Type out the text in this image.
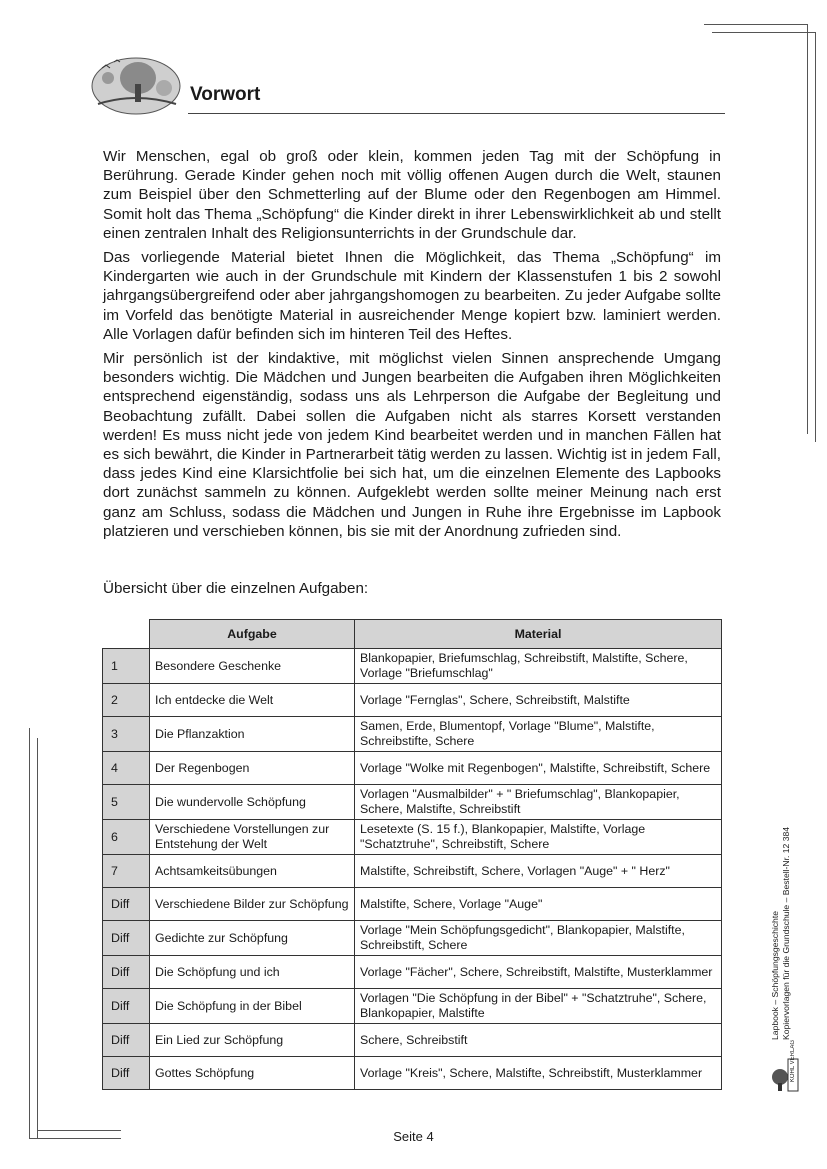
Vorwort

Wir Menschen, egal ob groß oder klein, kommen jeden Tag mit der Schöpfung in Berührung. Gerade Kinder gehen noch mit völlig offenen Augen durch die Welt, staunen zum Beispiel über den Schmetterling auf der Blume oder den Regenbogen am Himmel. Somit holt das Thema „Schöpfung“ die Kinder direkt in ihrer Lebenswirklichkeit ab und stellt einen zentralen Inhalt des Religionsunterrichts in der Grundschule dar.

Das vorliegende Material bietet Ihnen die Möglichkeit, das Thema „Schöpfung“ im Kindergarten wie auch in der Grundschule mit Kindern der Klassenstufen 1 bis 2 sowohl jahrgangsübergreifend oder aber jahrgangshomogen zu bearbeiten. Zu jeder Aufgabe sollte im Vorfeld das benötigte Material in ausreichender Menge kopiert bzw. laminiert werden. Alle Vorlagen dafür befinden sich im hinteren Teil des Heftes.

Mir persönlich ist der kindaktive, mit möglichst vielen Sinnen ansprechende Umgang besonders wichtig. Die Mädchen und Jungen bearbeiten die Aufgaben ihren Möglichkeiten entsprechend eigenständig, sodass uns als Lehrperson die Aufgabe der Begleitung und Beobachtung zufällt. Dabei sollen die Aufgaben nicht als starres Korsett verstanden werden! Es muss nicht jede von jedem Kind bearbeitet werden und in manchen Fällen hat es sich bewährt, die Kinder in Partnerarbeit tätig werden zu lassen. Wichtig ist in jedem Fall, dass jedes Kind eine Klarsichtfolie bei sich hat, um die einzelnen Elemente des Lapbooks dort zunächst sammeln zu können. Aufgeklebt werden sollte meiner Meinung nach erst ganz am Schluss, sodass die Mädchen und Jungen in Ruhe ihre Ergebnisse im Lapbook platzieren und verschieben können, bis sie mit der Anordnung zufrieden sind.

Übersicht über die einzelnen Aufgaben:
	Aufgabe	Material
1	Besondere Geschenke	Blankopapier, Briefumschlag, Schreibstift, Malstifte, Schere, Vorlage "Briefumschlag"
2	Ich entdecke die Welt	Vorlage "Fernglas", Schere, Schreibstift, Malstifte
3	Die Pflanzaktion	Samen, Erde, Blumentopf, Vorlage "Blume", Malstifte, Schreibstifte, Schere
4	Der Regenbogen	Vorlage "Wolke mit Regenbogen", Malstifte, Schreibstift, Schere
5	Die wundervolle Schöpfung	Vorlagen "Ausmalbilder" + " Briefumschlag", Blankopapier, Schere, Malstifte, Schreibstift
6	Verschiedene Vorstellungen zur Entstehung der Welt	Lesetexte (S. 15 f.), Blankopapier, Malstifte, Vorlage "Schatztruhe", Schreibstift, Schere
7	Achtsamkeitsübungen	Malstifte, Schreibstift, Schere, Vorlagen "Auge" + " Herz"
Diff	Verschiedene Bilder zur Schöpfung	Malstifte, Schere, Vorlage "Auge"
Diff	Gedichte zur Schöpfung	Vorlage "Mein Schöpfungsgedicht", Blankopapier, Malstifte, Schreibstift, Schere
Diff	Die Schöpfung und ich	Vorlage "Fächer", Schere, Schreibstift, Malstifte, Musterklammer
Diff	Die Schöpfung in der Bibel	Vorlagen "Die Schöpfung in der Bibel" + "Schatztruhe", Schere, Blankopapier, Malstifte
Diff	Ein Lied zur Schöpfung	Schere, Schreibstift
Diff	Gottes Schöpfung	Vorlage "Kreis", Schere, Malstifte, Schreibstift, Musterklammer
Lapbook – Schöpfungsgeschichte Kopiervorlagen für die Grundschule – Bestell-Nr. 12 384
KOHL VERLAG
Seite 4
